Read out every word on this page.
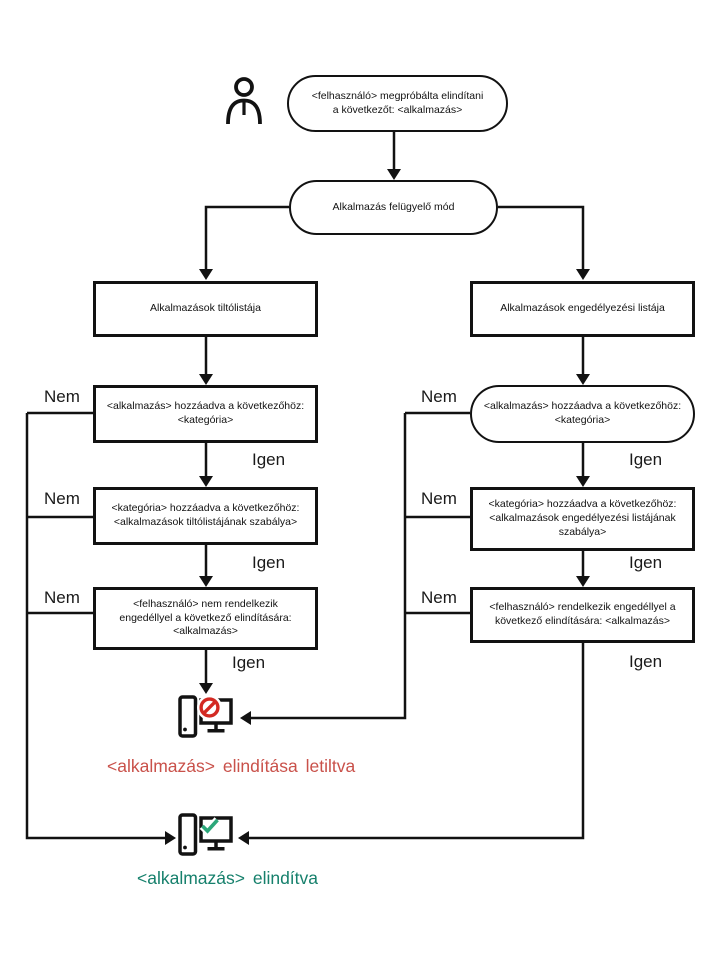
<felhasználó> megpróbálta elindítani
a következőt: <alkalmazás>
Alkalmazás felügyelő mód
Alkalmazások tiltólistája	Alkalmazások engedélyezési listája
<alkalmazás> hozzáadva a következőhöz:
<kategória>
<alkalmazás> hozzáadva a következőhöz:
<kategória>
<kategória> hozzáadva a következőhöz:
<alkalmazások tiltólistájának szabálya>
<kategória> hozzáadva a következőhöz:
<alkalmazások engedélyezési listájának
szabálya>
<felhasználó> nem rendelkezik
engedéllyel a következő elindítására:
<alkalmazás>
<felhasználó> rendelkezik engedéllyel a
következő elindítására: <alkalmazás>
Nem
Nem
Nem
Nem
Nem
Nem
Igen
Igen
Igen
Igen
Igen
Igen
<alkalmazás> elindítása letiltva
<alkalmazás> elindítva
